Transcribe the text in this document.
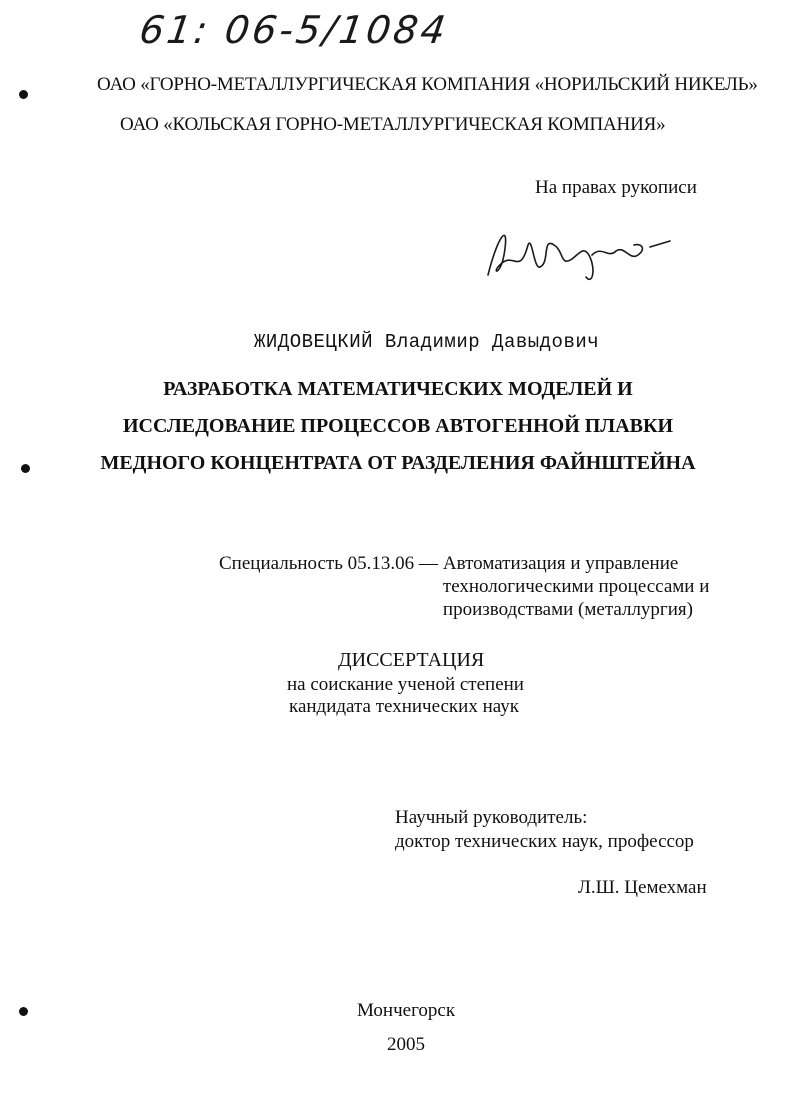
61: 06-5/1084
ОАО «ГОРНО-МЕТАЛЛУРГИЧЕСКАЯ КОМПАНИЯ «НОРИЛЬСКИЙ НИКЕЛЬ»
ОАО «КОЛЬСКАЯ ГОРНО-МЕТАЛЛУРГИЧЕСКАЯ КОМПАНИЯ»
На правах рукописи
ЖИДОВЕЦКИЙ Владимир Давыдович
РАЗРАБОТКА МАТЕМАТИЧЕСКИХ МОДЕЛЕЙ И
ИССЛЕДОВАНИЕ ПРОЦЕССОВ АВТОГЕННОЙ ПЛАВКИ
МЕДНОГО КОНЦЕНТРАТА ОТ РАЗДЕЛЕНИЯ ФАЙНШТЕЙНА
Специальность 05.13.06 — Автоматизация и управление
технологическими процессами и
производствами (металлургия)
ДИССЕРТАЦИЯ
на соискание ученой степени
кандидата технических наук
Научный руководитель:
доктор технических наук, профессор
Л.Ш. Цемехман
Мончегорск
2005
